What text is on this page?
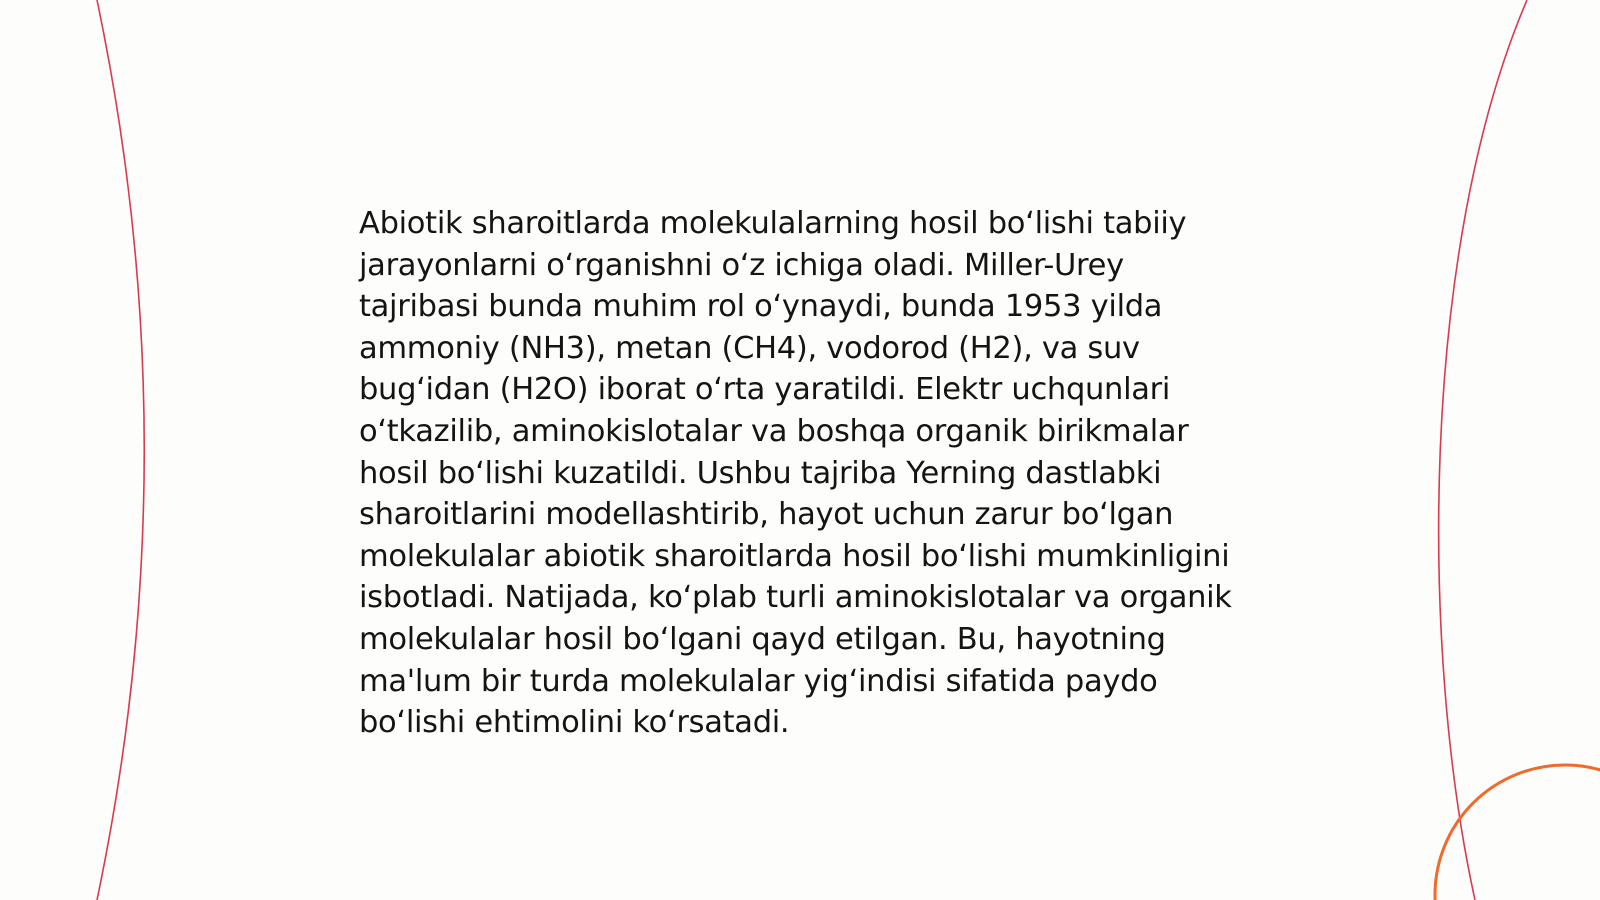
Abiotik sharoitlarda molekulalarning hosil bo‘lishi tabiiy jarayonlarni o‘rganishni o‘z ichiga oladi. Miller-Urey tajribasi bunda muhim rol o‘ynaydi, bunda 1953 yilda ammoniy (NH3), metan (CH4), vodorod (H2), va suv bug‘idan (H2O) iborat o‘rta yaratildi. Elektr uchqunlari o‘tkazilib, aminokislotalar va boshqa organik birikmalar hosil bo‘lishi kuzatildi. Ushbu tajriba Yerning dastlabki sharoitlarini modellashtirib, hayot uchun zarur bo‘lgan molekulalar abiotik sharoitlarda hosil bo‘lishi mumkinligini isbotladi. Natijada, ko‘plab turli aminokislotalar va organik molekulalar hosil bo‘lgani qayd etilgan. Bu, hayotning ma'lum bir turda molekulalar yig‘indisi sifatida paydo bo‘lishi ehtimolini ko‘rsatadi.
